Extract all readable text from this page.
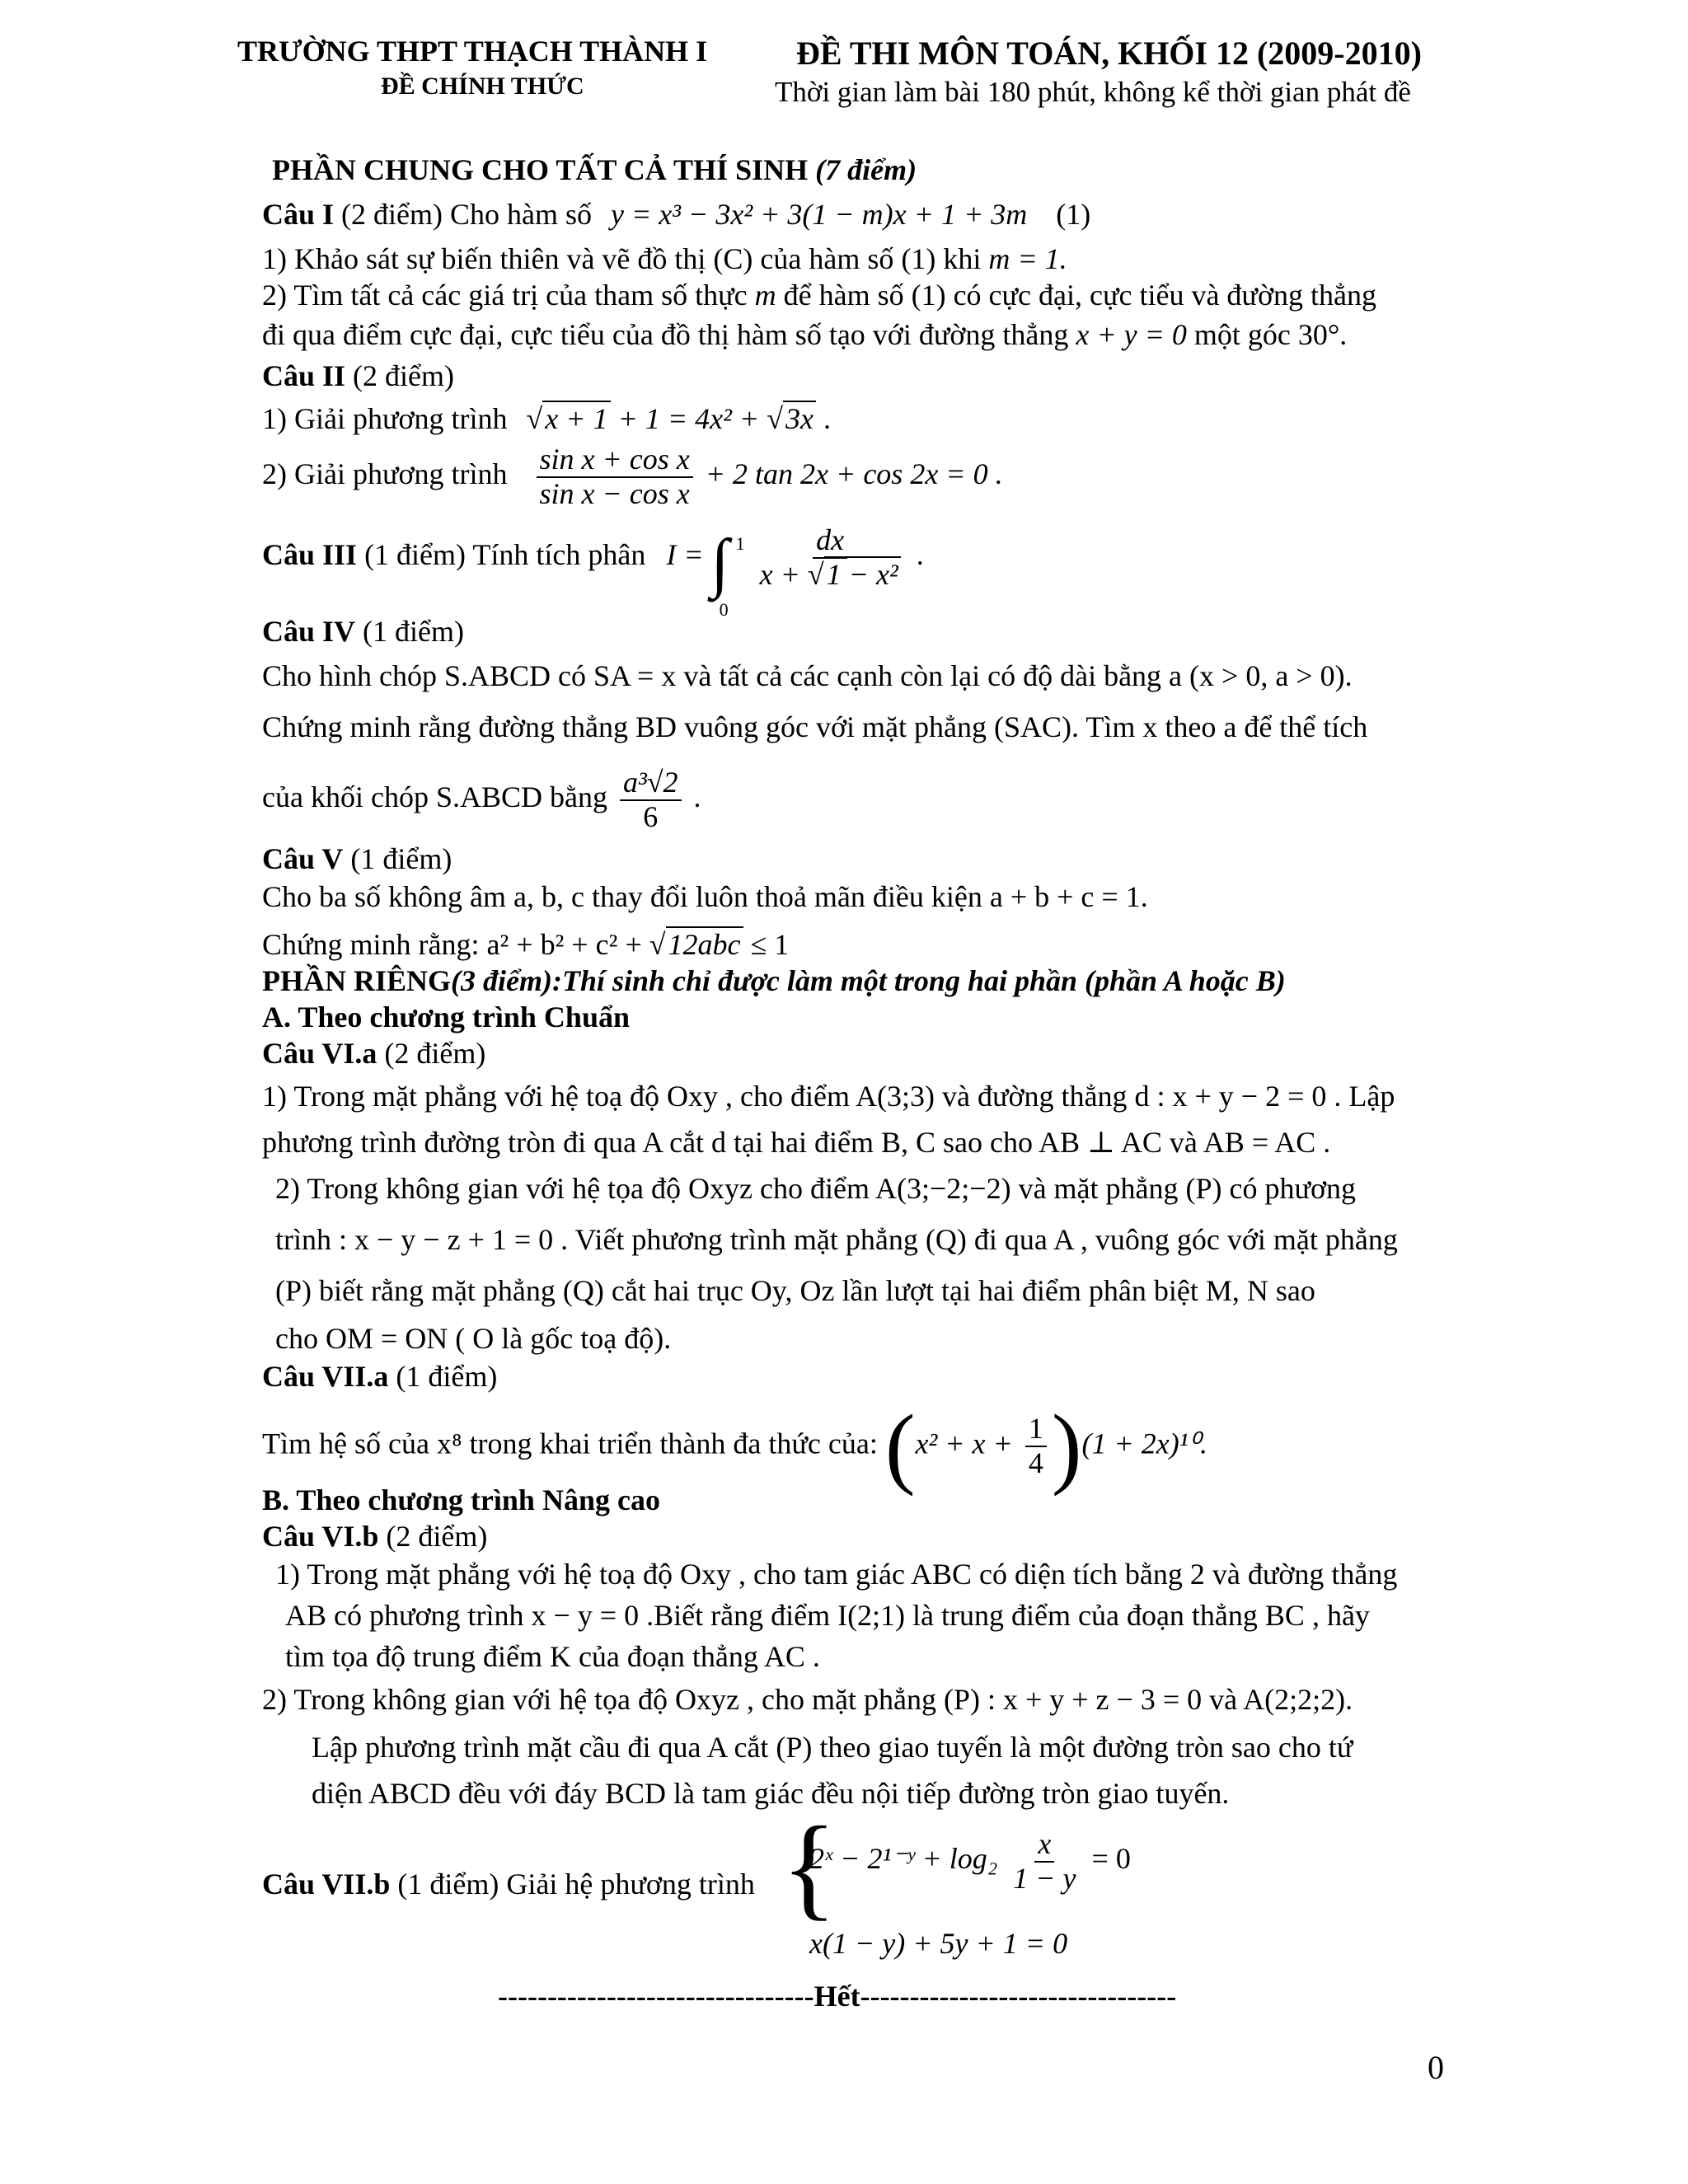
TRƯỜNG THPT THẠCH THÀNH I
ĐỀ CHÍNH THỨC
ĐỀ THI MÔN TOÁN, KHỐI 12 (2009-2010)
Thời gian làm bài 180 phút, không kể thời gian phát đề
PHẦN CHUNG CHO TẤT CẢ THÍ SINH (7 điểm)
Câu I (2 điểm) Cho hàm số y = x³ − 3x² + 3(1 − m)x + 1 + 3m (1)
1) Khảo sát sự biến thiên và vẽ đồ thị (C) của hàm số (1) khi m = 1.
2) Tìm tất cả các giá trị của tham số thực m để hàm số (1) có cực đại, cực tiểu và đường thẳng
đi qua điểm cực đại, cực tiểu của đồ thị hàm số tạo với đường thẳng x + y = 0 một góc 30°.
Câu II (2 điểm)
1) Giải phương trình √x + 1 + 1 = 4x² + √3x .
2) Giải phương trình $\frac{\text{sin x + cos x}}{\text{sin x − cos x}} + 2$ tan 2x + cos 2x = 0 .
Câu III (1 điểm) Tính tích phân I = ∫ 1
0

$\frac{dx}{\text{x + √1 − x²}}$ .
Câu IV (1 điểm)
Cho hình chóp S.ABCD có SA = x và tất cả các cạnh còn lại có độ dài bằng a (x > 0, a > 0).
Chứng minh rằng đường thẳng BD vuông góc với mặt phẳng (SAC). Tìm x theo a để thể tích
của khối chóp S.ABCD bằng $\frac{\text{a³√2}}{6}$ .
Câu V (1 điểm)
Cho ba số không âm a, b, c thay đổi luôn thoả mãn điều kiện a + b + c = 1.
Chứng minh rằng: a² + b² + c² + √12abc ≤ 1
PHẦN RIÊNG(3 điểm):Thí sinh chỉ được làm một trong hai phần (phần A hoặc B)
A. Theo chương trình Chuẩn
Câu VI.a (2 điểm)
1) Trong mặt phẳng với hệ toạ độ Oxy , cho điểm A(3;3) và đường thẳng d : x + y − 2 = 0 . Lập
phương trình đường tròn đi qua A cắt d tại hai điểm B, C sao cho AB ⊥ AC và AB = AC .
2) Trong không gian với hệ tọa độ Oxyz cho điểm A(3;−2;−2) và mặt phẳng (P) có phương
trình : x − y − z + 1 = 0 . Viết phương trình mặt phẳng (Q) đi qua A , vuông góc với mặt phẳng
(P) biết rằng mặt phẳng (Q) cắt hai trục Oy, Oz lần lượt tại hai điểm phân biệt M, N sao
cho OM = ON ( O là gốc toạ độ).
Câu VII.a (1 điểm)
Tìm hệ số của x⁸ trong khai triển thành đa thức của: $(x^2 + x + \frac{1}{4} )(1 + 2x)^{10}$.
B. Theo chương trình Nâng cao
Câu VI.b (2 điểm)
1) Trong mặt phẳng với hệ toạ độ Oxy , cho tam giác ABC có diện tích bằng 2 và đường thẳng
AB có phương trình x − y = 0 .Biết rằng điểm I(2;1) là trung điểm của đoạn thẳng BC , hãy
tìm tọa độ trung điểm K của đoạn thẳng AC .
2) Trong không gian với hệ tọa độ Oxyz , cho mặt phẳng (P) : x + y + z − 3 = 0 và A(2;2;2).
Lập phương trình mặt cầu đi qua A cắt (P) theo giao tuyến là một đường tròn sao cho tứ
diện ABCD đều với đáy BCD là tam giác đều nội tiếp đường tròn giao tuyến.
Câu VII.b (1 điểm) Giải hệ phương trình {
2ˣ − 2¹⁻ʸ + $\log_2 \frac{x}{1 - y} = 0$
x(1 − y) + 5y + 1 = 0
--------------------------------Hết--------------------------------
0
